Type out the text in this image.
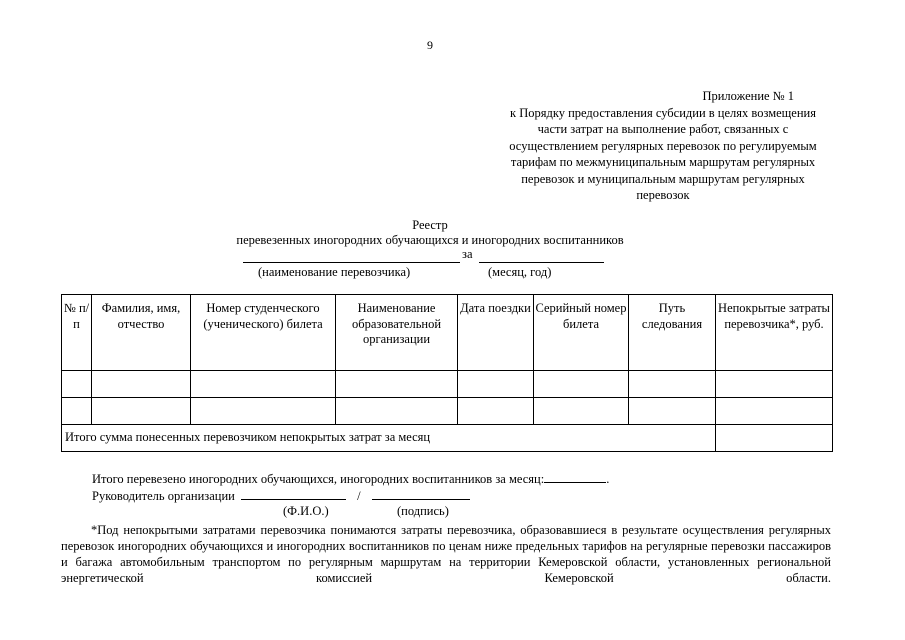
9
Приложение № 1
к Порядку предоставления субсидии в целях возмещения
части затрат на выполнение работ, связанных с
осуществлением регулярных перевозок по регулируемым
тарифам по межмуниципальным маршрутам регулярных
перевозок и муниципальным маршрутам регулярных
перевозок
Реестр
перевезенных иногородних обучающихся и иногородних воспитанников
за
(наименование перевозчика)	(месяц, год)
№ п/п	Фамилия, имя, отчество	Номер студенческого (ученического) билета	Наименование образовательной организации	Дата поездки	Серийный номер билета	Путь следования	Непокрытые затраты перевозчика*, руб.

Итого сумма понесенных перевозчиком непокрытых затрат за месяц							
Итого перевезено иногородних обучающихся, иногородних воспитанников за месяц:	.
Руководитель организации	/
(Ф.И.О.)	(подпись)
*Под непокрытыми затратами перевозчика понимаются затраты перевозчика, образовавшиеся в результате осуществления регулярных перевозок иногородних обучающихся и иногородних воспитанников по ценам ниже предельных тарифов на регулярные перевозки пассажиров и багажа автомобильным транспортом по регулярным маршрутам на территории Кемеровской области, установленных региональной энергетической комиссией Кемеровской области.
